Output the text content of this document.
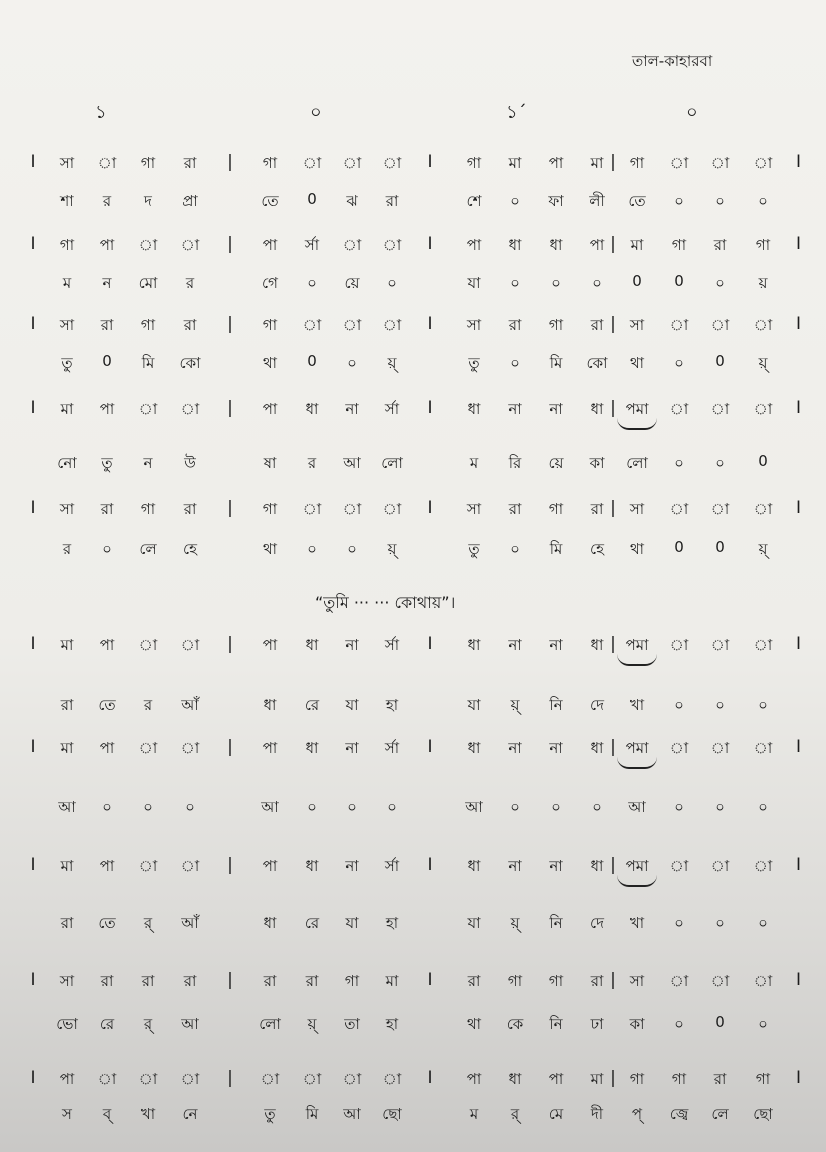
তাল-কাহারবা
১	০	১´	০
I	|	I	|	I
সা া গা রা	গা া া া	গা মা পা মা গা া া া
শা র দ প্রা	তে 0 ঝ রা	শে ০ ফা লী তে ০ ০ ০
I	|	I	|	I
গা পা া া	পা র্সা া া	পা ধা ধা পা মা গা রা গা
ম ন মো র	গে ০ য়ে ০	যা ০ ০ ০ 0 0 ০ য়
I	|	I	|	I
সা রা গা রা	গা া া া	সা রা গা রা সা া া া
তু 0 মি কো	থা 0 ০ য়্	তু ০ মি কো থা ০ 0 য়্
I	|	I	|	I
মা পা া া	পা ধা না র্সা	ধা না না ধা পমা া া া
নো তু ন উ	ষা র আ লো	ম রি য়ে কা লো ০ ০ 0
I	|	I	|	I
সা রা গা রা	গা া া া	সা রা গা রা সা া া া
র ০ লে হে	থা ০ ০ য়্	তু ০ মি হে থা 0 0 য়্
I	|	I	|	I
মা পা া া	পা ধা না র্সা	ধা না না ধা পমা া া া
রা তে র আঁ	ধা রে যা হা	যা য়্ নি দে খা ০ ০ ০
I	|	I	|	I
মা পা া া	পা ধা না র্সা	ধা না না ধা পমা া া া
আ ০ ০ ০	আ ০ ০ ০	আ ০ ০ ০ আ ০ ০ ০
I	|	I	|	I
মা পা া া	পা ধা না র্সা	ধা না না ধা পমা া া া
রা তে র্ আঁ	ধা রে যা হা	যা য়্ নি দে খা ০ ০ ০
I	|	I	|	I
সা রা রা রা	রা রা গা মা	রা গা গা রা সা া া া
ভো রে র্ আ	লো য়্ তা হা	থা কে নি ঢা কা ০ 0 ০
I	|	I	|	I
পা া া া	া া া া	পা ধা পা মা গা গা রা গা
স ব্ খা নে	তু মি আ ছো	ম র্ মে দী প্ জ্বে লে ছো
“তুমি ··· ··· কোথায়”।
